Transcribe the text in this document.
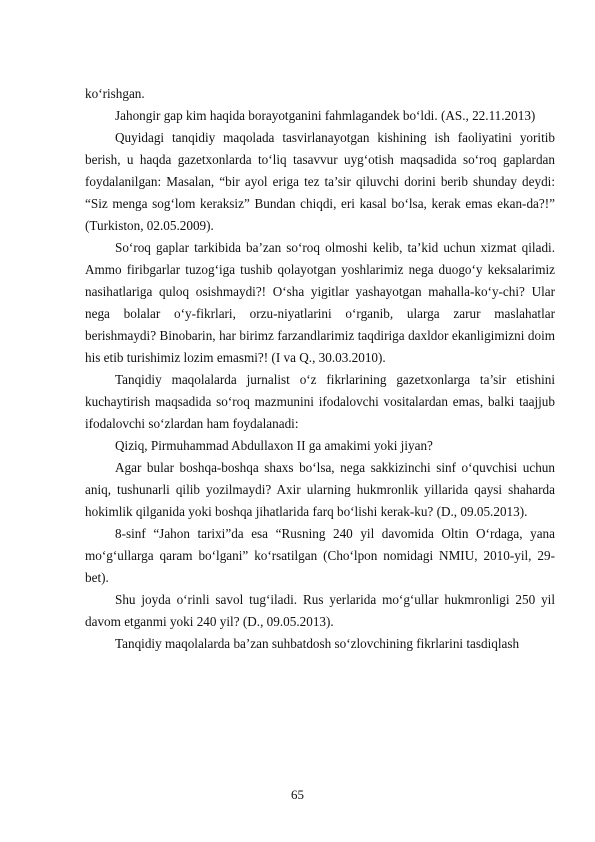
ko‘rishgan.

Jahongir gap kim haqida borayotganini fahmlagandek bo‘ldi. (AS., 22.11.2013)

Quyidagi tanqidiy maqolada tasvirlanayotgan kishining ish faoliyatini yoritib berish, u haqda gazetxonlarda to‘liq tasavvur uyg‘otish maqsadida so‘roq gaplardan foydalanilgan: Masalan, “bir ayol eriga tez ta’sir qiluvchi dorini berib shunday deydi: “Siz menga sog‘lom keraksiz” Bundan chiqdi, eri kasal bo‘lsa, kerak emas ekan-da?!” (Turkiston, 02.05.2009).

So‘roq gaplar tarkibida ba’zan so‘roq olmoshi kelib, ta’kid uchun xizmat qiladi. Ammo firibgarlar tuzog‘iga tushib qolayotgan yoshlarimiz nega duogo‘y keksalarimiz nasihatlariga quloq osishmaydi?! O‘sha yigitlar yashayotgan mahalla-ko‘y-chi? Ular nega bolalar o‘y-fikrlari, orzu-niyatlarini o‘rganib, ularga zarur maslahatlar berishmaydi? Binobarin, har birimz farzandlarimiz taqdiriga daxldor ekanligimizni doim his etib turishimiz lozim emasmi?! (I va Q., 30.03.2010).

Tanqidiy maqolalarda jurnalist o‘z fikrlarining gazetxonlarga ta’sir etishini kuchaytirish maqsadida so‘roq mazmunini ifodalovchi vositalardan emas, balki taajjub ifodalovchi so‘zlardan ham foydalanadi:

Qiziq, Pirmuhammad Abdullaxon II ga amakimi yoki jiyan?

Agar bular boshqa-boshqa shaxs bo‘lsa, nega sakkizinchi sinf o‘quvchisi uchun aniq, tushunarli qilib yozilmaydi? Axir ularning hukmronlik yillarida qaysi shaharda hokimlik qilganida yoki boshqa jihatlarida farq bo‘lishi kerak-ku? (D., 09.05.2013).

8-sinf “Jahon tarixi”da esa “Rusning 240 yil davomida Oltin O‘rdaga, yana mo‘g‘ullarga qaram bo‘lgani” ko‘rsatilgan (Cho‘lpon nomidagi NMIU, 2010-yil, 29-bet).

Shu joyda o‘rinli savol tug‘iladi. Rus yerlarida mo‘g‘ullar hukmronligi 250 yil davom etganmi yoki 240 yil? (D., 09.05.2013).

Tanqidiy maqolalarda ba’zan suhbatdosh so‘zlovchining fikrlarini tasdiqlash

65
